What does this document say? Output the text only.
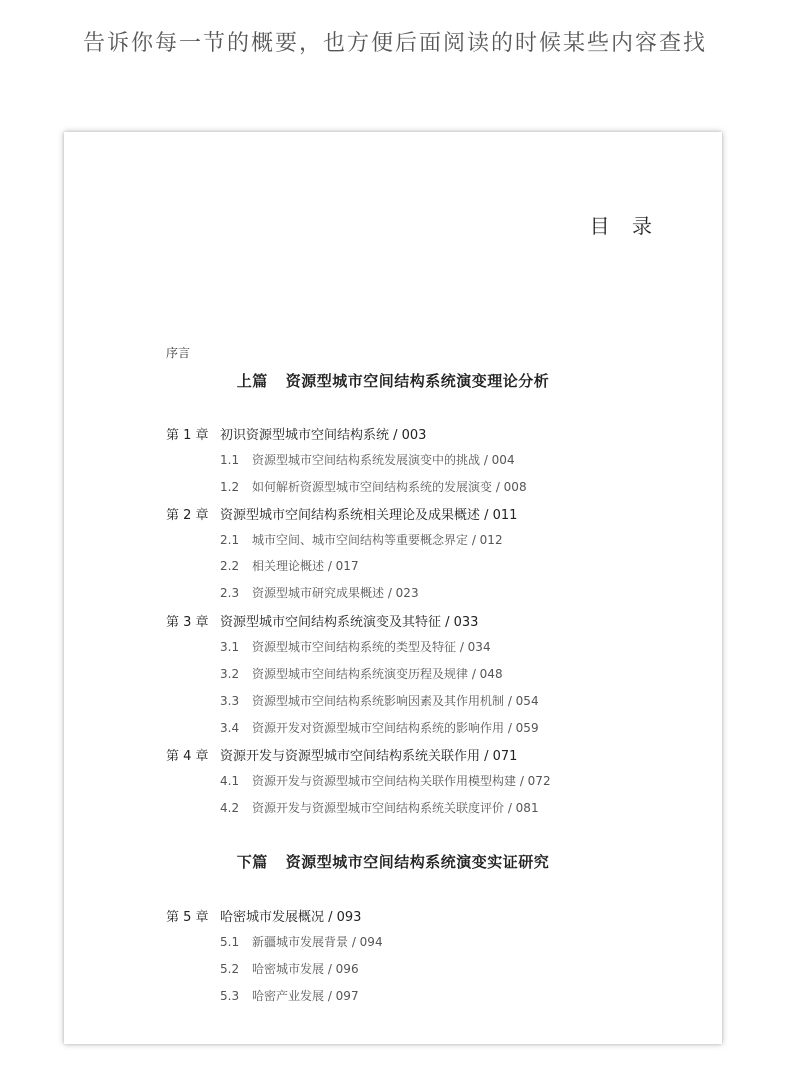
告诉你每一节的概要，也方便后面阅读的时候某些内容查找
目 录
序言
上篇 资源型城市空间结构系统演变理论分析
第 1 章 初识资源型城市空间结构系统 / 003
1.1 资源型城市空间结构系统发展演变中的挑战 / 004
1.2 如何解析资源型城市空间结构系统的发展演变 / 008
第 2 章 资源型城市空间结构系统相关理论及成果概述 / 011
2.1 城市空间、城市空间结构等重要概念界定 / 012
2.2 相关理论概述 / 017
2.3 资源型城市研究成果概述 / 023
第 3 章 资源型城市空间结构系统演变及其特征 / 033
3.1 资源型城市空间结构系统的类型及特征 / 034
3.2 资源型城市空间结构系统演变历程及规律 / 048
3.3 资源型城市空间结构系统影响因素及其作用机制 / 054
3.4 资源开发对资源型城市空间结构系统的影响作用 / 059
第 4 章 资源开发与资源型城市空间结构系统关联作用 / 071
4.1 资源开发与资源型城市空间结构关联作用模型构建 / 072
4.2 资源开发与资源型城市空间结构系统关联度评价 / 081
下篇 资源型城市空间结构系统演变实证研究
第 5 章 哈密城市发展概况 / 093
5.1 新疆城市发展背景 / 094
5.2 哈密城市发展 / 096
5.3 哈密产业发展 / 097
